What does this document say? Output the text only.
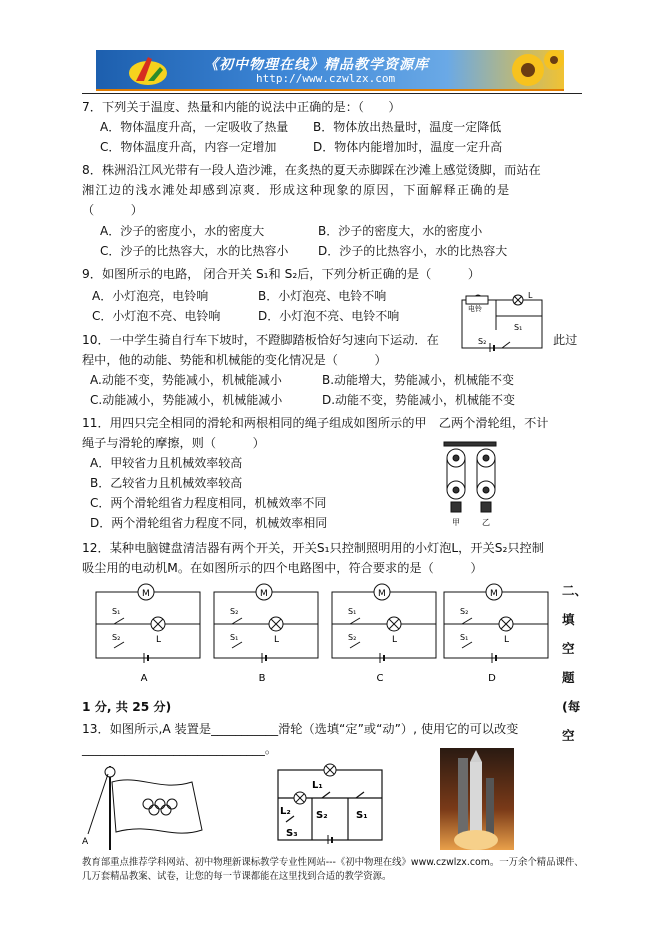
《初中物理在线》精品教学资源库
http://www.czwlzx.com
7．下列关于温度、热量和内能的说法中正确的是：（　　）
A．物体温度升高，一定吸收了热量 B．物体放出热量时，温度一定降低
C．物体温度升高，内容一定增加	D．物体内能增加时，温度一定升高
8．株洲沿江风光带有一段人造沙滩，在炙热的夏天赤脚踩在沙滩上感觉烫脚，而站在
湘江边的浅水滩处却感到凉爽．形成这种现象的原因，下面解释正确的是
（　　　）
A．沙子的密度小，水的密度大	B．沙子的密度大，水的密度小
C．沙子的比热容大，水的比热容小 D．沙子的比热容小，水的比热容大
9．如图所示的电路， 闭合开关 S₁和 S₂后，下列分析正确的是（　　　）
A．小灯泡亮，电铃响	B．小灯泡亮、电铃不响
C．小灯泡不亮、电铃响	D．小灯泡不亮、电铃不响	电铃
L
S₁
S₂
10．一中学生骑自行车下坡时，不蹬脚踏板恰好匀速向下运动．在	此过
程中，他的动能、势能和机械能的变化情况是（　　　）
A.动能不变，势能减小，机械能减小	B.动能增大，势能减小，机械能不变
C.动能减小，势能减小，机械能减小	D.动能不变，势能减小，机械能不变
11．用四只完全相同的滑轮和两根相同的绳子组成如图所示的甲　乙两个滑轮组，不计
绳子与滑轮的摩擦，则（　　　）
A．甲较省力且机械效率较高
B．乙较省力且机械效率较高
C．两个滑轮组省力程度相同，机械效率不同
D．两个滑轮组省力程度不同，机械效率相同	甲	乙
12．某种电脑键盘清洁器有两个开关，开关S₁只控制照明用的小灯泡L，开关S₂只控制
吸尘用的电动机M。在如图所示的四个电路图中，符合要求的是（　　　）
M
L
S₁
S₂
A
M
L
S₂
S₁
B
M
L
S₁
S₂
C
M
L
S₂
S₁
D
二、
填
空
题
(每
空
1 分, 共 25 分)
13．如图所示,A 装置是___________滑轮（选填“定”或“动”）, 使用它的可以改变
______________________________。
A
L₁
L₂
S₃
S₂	S₁
教育部重点推荐学科网站、初中物理新课标教学专业性网站---《初中物理在线》www.czwlzx.com。一万余个精品课件、几万套精品教案、试卷，让您的每一节课都能在这里找到合适的教学资源。
